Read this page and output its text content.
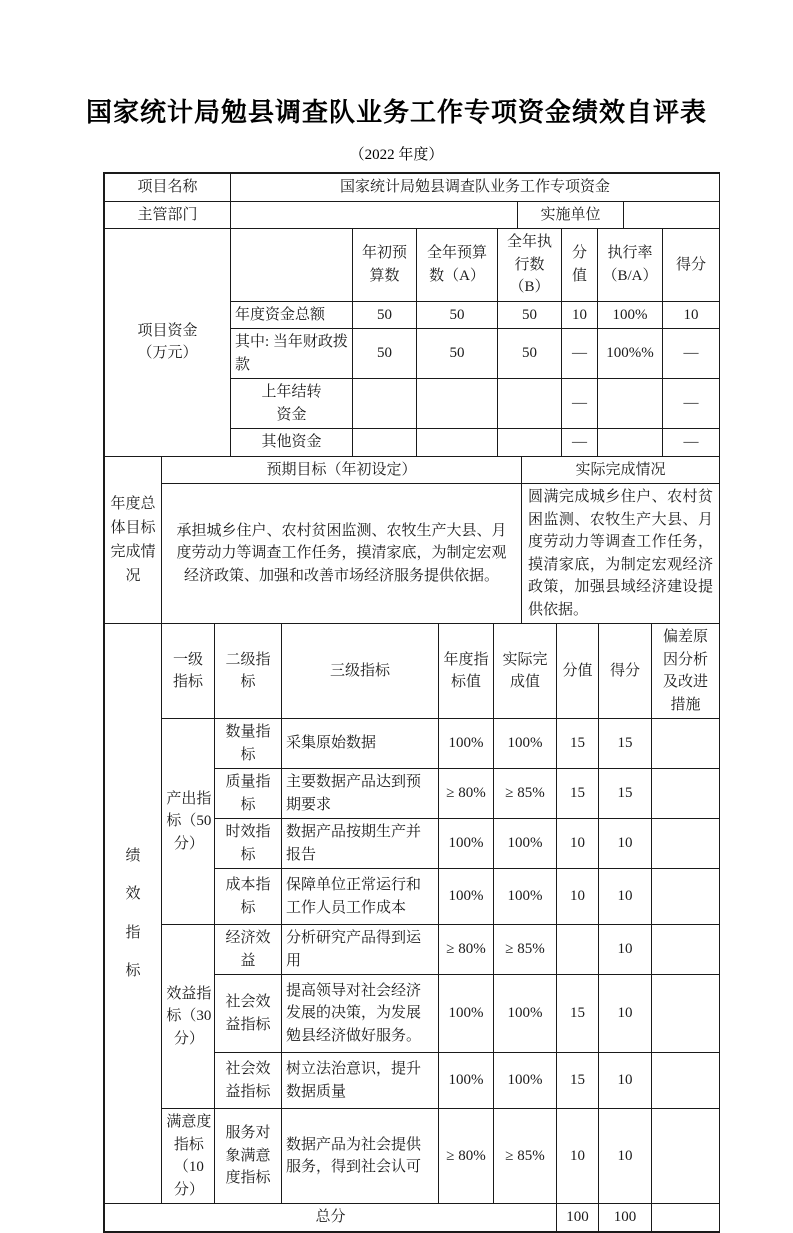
国家统计局勉县调查队业务工作专项资金绩效自评表
（2022 年度）
项目名称	国家统计局勉县调查队业务工作专项资金
主管部门		实施单位	
项目资金（万元）		年初预算数	全年预算数（A）	全年执行数（B）	分值	执行率（B/A）	得分
	年度资金总额	50	50	50	10	100%	10
	其中: 当年财政拨款	50	50	50	—	100%%	—
	上年结转资金				—		—
	其他资金				—		—
年度总体目标完成情况	预期目标（年初设定）	实际完成情况
	承担城乡住户、农村贫困监测、农牧生产大县、月度劳动力等调查工作任务，摸清家底，为制定宏观经济政策、加强和改善市场经济服务提供依据。	圆满完成城乡住户、农村贫困监测、农牧生产大县、月度劳动力等调查工作任务，摸清家底，为制定宏观经济政策，加强县域经济建设提供依据。
绩效指标	一级指标	二级指标	三级指标	年度指标值	实际完成值	分值	得分	偏差原因分析及改进措施
	产出指标（50分）	数量指标	采集原始数据	100%	100%	15	15	
		质量指标	主要数据产品达到预期要求	≥ 80%	≥ 85%	15	15	
		时效指标	数据产品按期生产并报告	100%	100%	10	10	
		成本指标	保障单位正常运行和工作人员工作成本	100%	100%	10	10	
	效益指标（30分）	经济效益	分析研究产品得到运用	≥ 80%	≥ 85%		10	
		社会效益指标	提高领导对社会经济发展的决策，为发展勉县经济做好服务。	100%	100%	15	10	
		社会效益指标	树立法治意识，提升数据质量	100%	100%	15	10	
	满意度指标（10分）	服务对象满意度指标	数据产品为社会提供服务，得到社会认可	≥ 80%	≥ 85%	10	10	
总分						100	100	
